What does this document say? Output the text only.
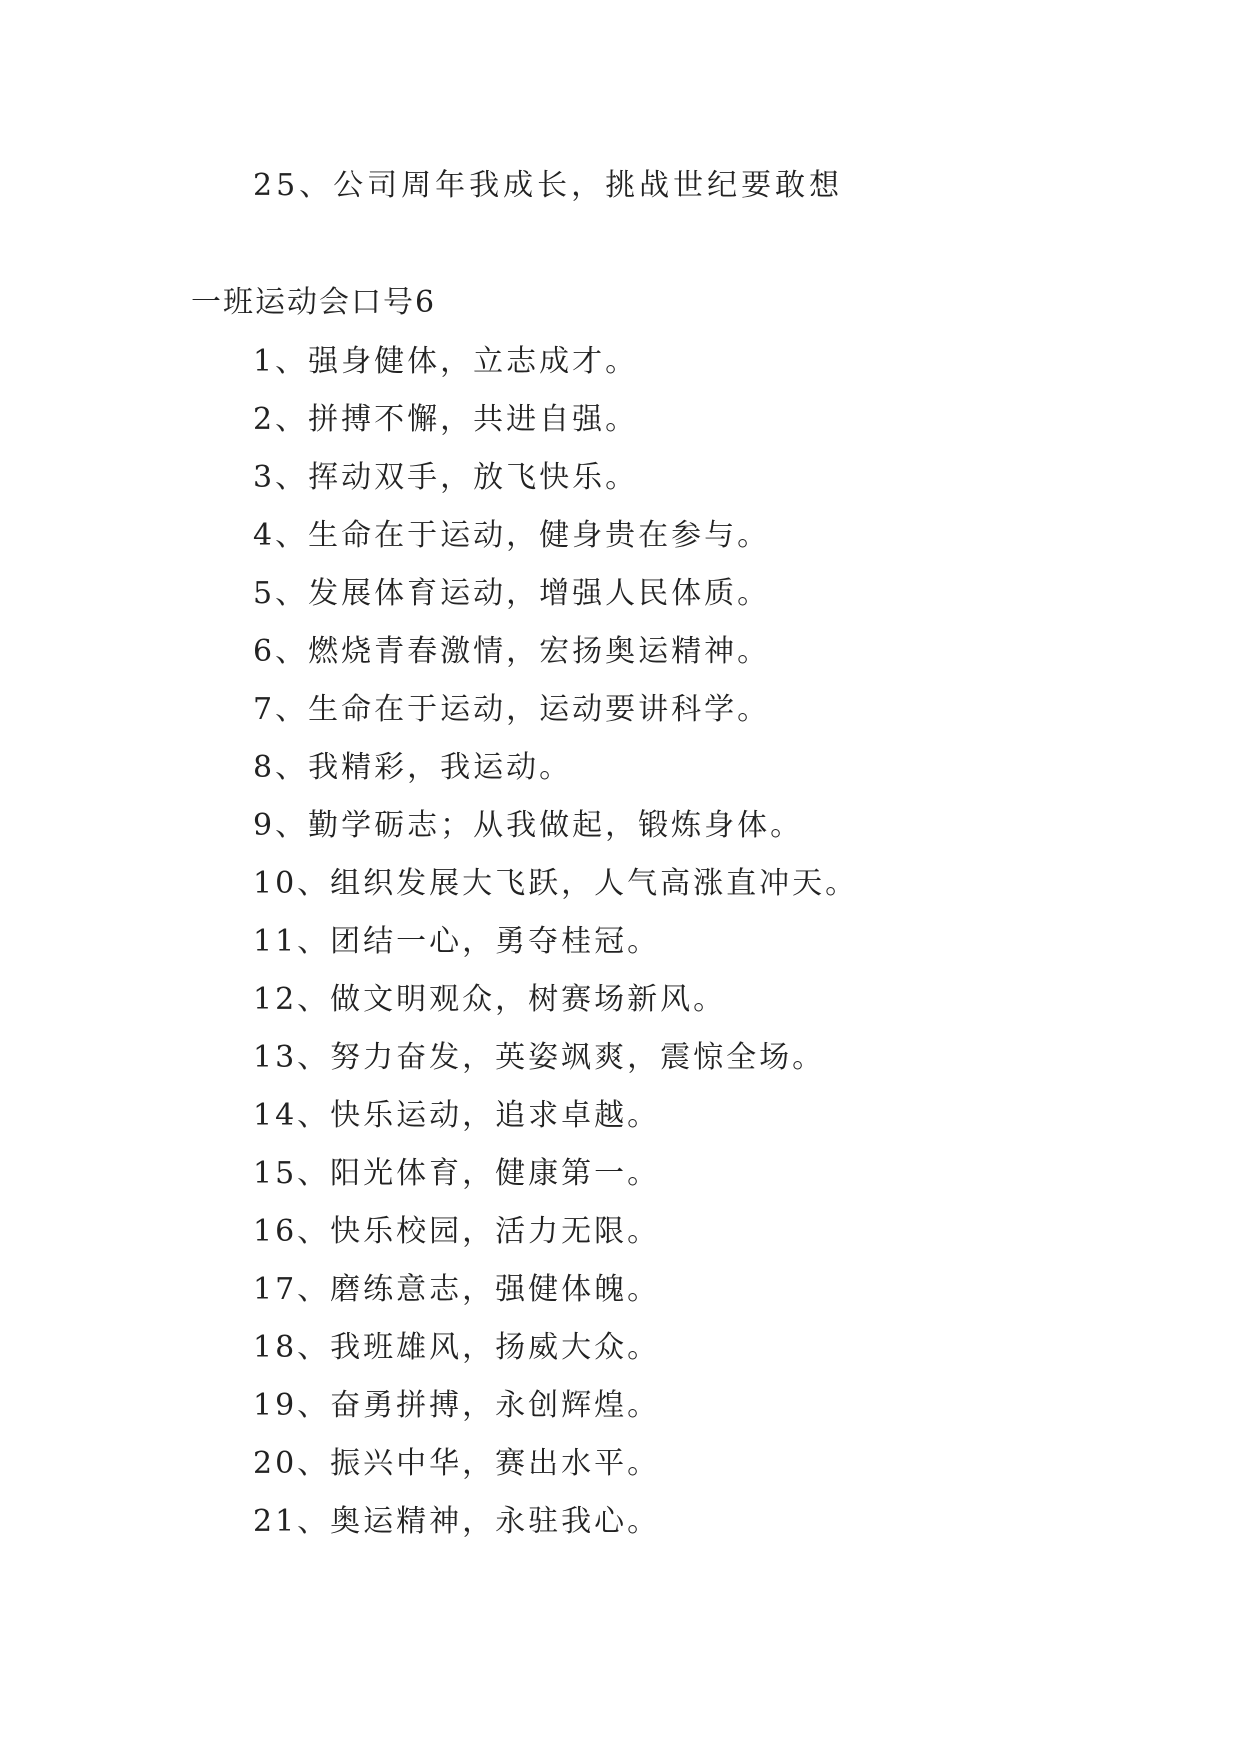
25、公司周年我成长，挑战世纪要敢想
一班运动会口号6
1、强身健体，立志成才。
2、拼搏不懈，共进自强。
3、挥动双手，放飞快乐。
4、生命在于运动，健身贵在参与。
5、发展体育运动，增强人民体质。
6、燃烧青春激情，宏扬奥运精神。
7、生命在于运动，运动要讲科学。
8、我精彩，我运动。
9、勤学砺志；从我做起，锻炼身体。
10、组织发展大飞跃，人气高涨直冲天。
11、团结一心，勇夺桂冠。
12、做文明观众，树赛场新风。
13、努力奋发，英姿飒爽，震惊全场。
14、快乐运动，追求卓越。
15、阳光体育，健康第一。
16、快乐校园，活力无限。
17、磨练意志，强健体魄。
18、我班雄风，扬威大众。
19、奋勇拼搏，永创辉煌。
20、振兴中华，赛出水平。
21、奥运精神，永驻我心。
